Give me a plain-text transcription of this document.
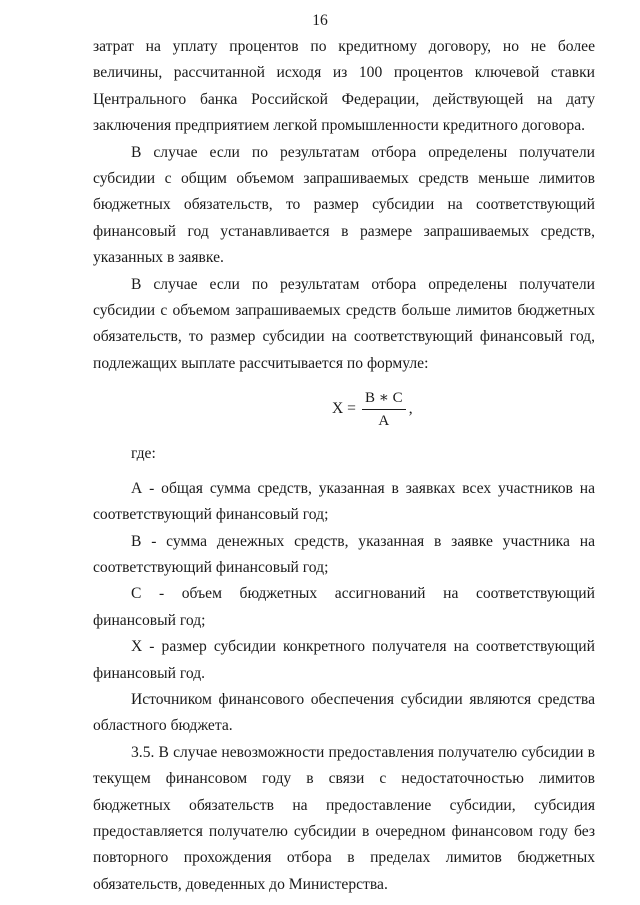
16

затрат на уплату процентов по кредитному договору, но не более величины, рассчитанной исходя из 100 процентов ключевой ставки Центрального банка Российской Федерации, действующей на дату заключения предприятием легкой промышленности кредитного договора.

В случае если по результатам отбора определены получатели субсидии с общим объемом запрашиваемых средств меньше лимитов бюджетных обязательств, то размер субсидии на соответствующий финансовый год устанавливается в размере запрашиваемых средств, указанных в заявке.

В случае если по результатам отбора определены получатели субсидии с объемом запрашиваемых средств больше лимитов бюджетных обязательств, то размер субсидии на соответствующий финансовый год, подлежащих выплате рассчитывается по формуле:

$Х = \frac{В ∗ С}{А}$ ,

где:

А - общая сумма средств, указанная в заявках всех участников на соответствующий финансовый год;

В - сумма денежных средств, указанная в заявке участника на соответствующий финансовый год;

С - объем бюджетных ассигнований на соответствующий финансовый год;

Х - размер субсидии конкретного получателя на соответствующий финансовый год.

Источником финансового обеспечения субсидии являются средства областного бюджета.

3.5. В случае невозможности предоставления получателю субсидии в текущем финансовом году в связи с недостаточностью лимитов бюджетных обязательств на предоставление субсидии, субсидия предоставляется получателю субсидии в очередном финансовом году без повторного прохождения отбора в пределах лимитов бюджетных обязательств, доведенных до Министерства.
